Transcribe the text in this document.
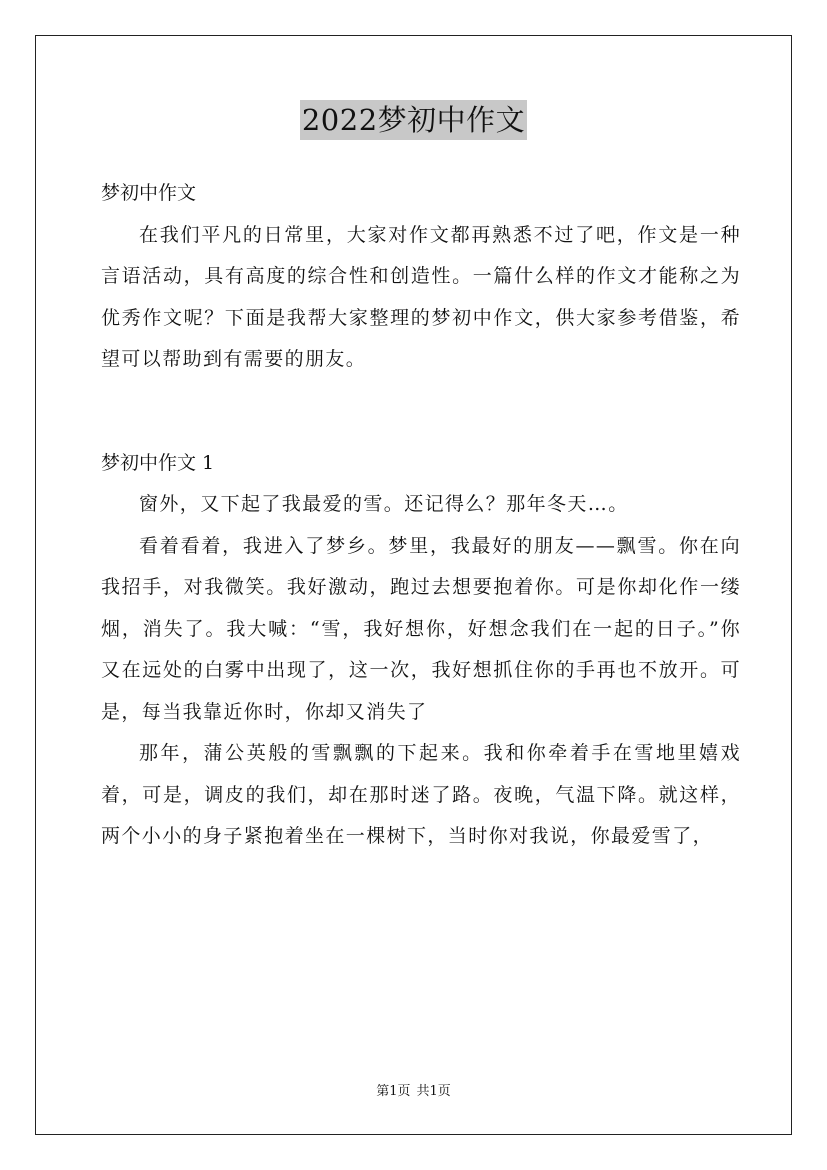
2022梦初中作文

梦初中作文

在我们平凡的日常里，大家对作文都再熟悉不过了吧，作文是一种言语活动，具有高度的综合性和创造性。一篇什么样的作文才能称之为优秀作文呢？下面是我帮大家整理的梦初中作文，供大家参考借鉴，希望可以帮助到有需要的朋友。

梦初中作文 1

窗外，又下起了我最爱的雪。还记得么？那年冬天…。

看着看着，我进入了梦乡。梦里，我最好的朋友——飘雪。你在向我招手，对我微笑。我好激动，跑过去想要抱着你。可是你却化作一缕烟，消失了。我大喊：“雪，我好想你，好想念我们在一起的日子。”你又在远处的白雾中出现了，这一次，我好想抓住你的手再也不放开。可是，每当我靠近你时，你却又消失了

那年，蒲公英般的雪飘飘的下起来。我和你牵着手在雪地里嬉戏着，可是，调皮的我们，却在那时迷了路。夜晚，气温下降。就这样，两个小小的身子紧抱着坐在一棵树下，当时你对我说，你最爱雪了，

第1页 共1页
